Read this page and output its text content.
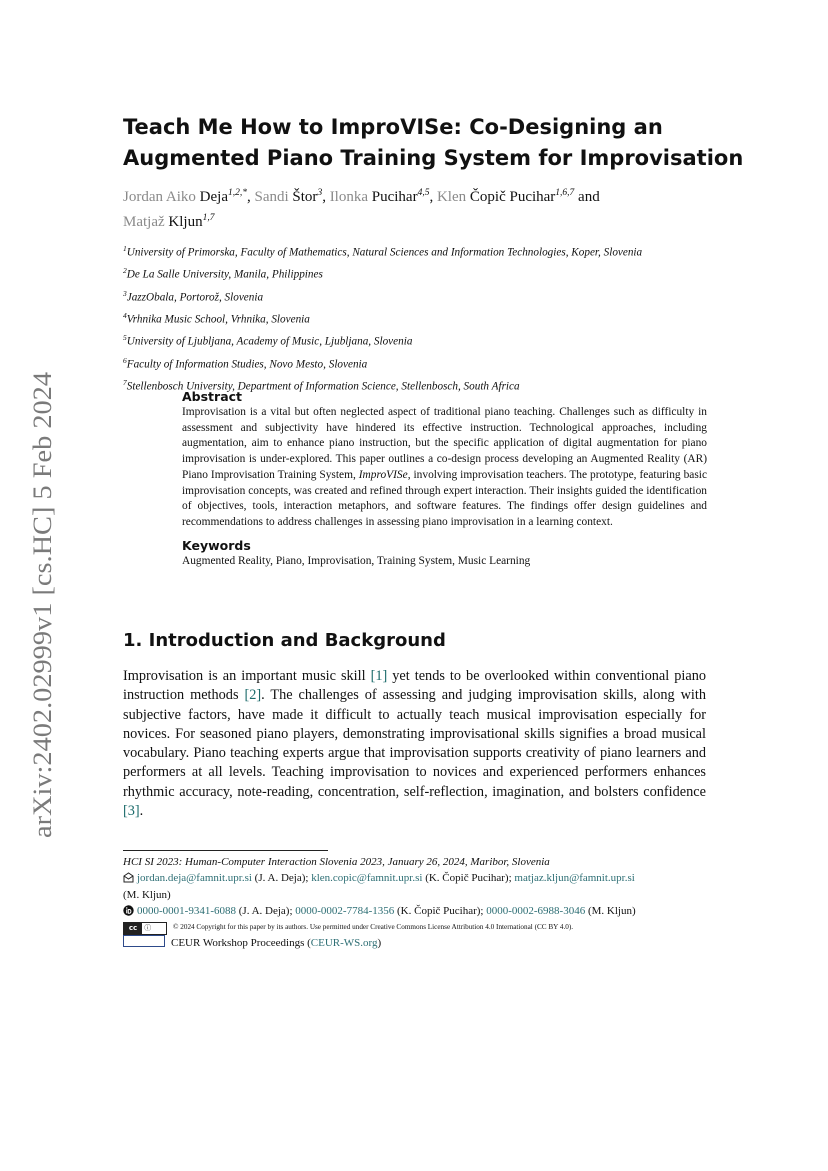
arXiv:2402.02999v1 [cs.HC] 5 Feb 2024
Teach Me How to ImproVISe: Co-Designing an
Augmented Piano Training System for Improvisation
Jordan Aiko Deja$^{1,2,*}$, Sandi Štor$^3$, Ilonka Pucihar$^{4,5}$, Klen Čopič Pucihar$^{1,6,7}$ and
Matjaž Kljun$^{1,7}$
$^1$University of Primorska, Faculty of Mathematics, Natural Sciences and Information Technologies, Koper, Slovenia
$^2$De La Salle University, Manila, Philippines
$^3$JazzObala, Portorož, Slovenia
$^4$Vrhnika Music School, Vrhnika, Slovenia
$^5$University of Ljubljana, Academy of Music, Ljubljana, Slovenia
$^6$Faculty of Information Studies, Novo Mesto, Slovenia
$^7$Stellenbosch University, Department of Information Science, Stellenbosch, South Africa
Abstract

Improvisation is a vital but often neglected aspect of traditional piano teaching. Challenges such as difficulty in assessment and subjectivity have hindered its effective instruction. Technological approaches, including augmentation, aim to enhance piano instruction, but the specific application of digital augmentation for piano improvisation is under-explored. This paper outlines a co-design process developing an Augmented Reality (AR) Piano Improvisation Training System, ImproVISe, involving improvisation teachers. The prototype, featuring basic improvisation concepts, was created and refined through expert interaction. Their insights guided the identification of objectives, tools, interaction metaphors, and software features. The findings offer design guidelines and recommendations to address challenges in assessing piano improvisation in a learning context.

Keywords

Augmented Reality, Piano, Improvisation, Training System, Music Learning

1. Introduction and Background

Improvisation is an important music skill [1] yet tends to be overlooked within conventional piano instruction methods [2]. The challenges of assessing and judging improvisation skills, along with subjective factors, have made it difficult to actually teach musical improvisation especially for novices. For seasoned piano players, demonstrating improvisational skills signifies a broad musical vocabulary. Piano teaching experts argue that improvisation supports creativity of piano learners and performers at all levels. Teaching improvisation to novices and experienced performers enhances rhythmic accuracy, note-reading, concentration, self-reflection, imagination, and bolsters confidence [3].

HCI SI 2023: Human-Computer Interaction Slovenia 2023, January 26, 2024, Maribor, Slovenia
jordan.deja@famnit.upr.si (J. A. Deja); klen.copic@famnit.upr.si (K. Čopič Pucihar); matjaz.kljun@famnit.upr.si
(M. Kljun)
0000-0001-9341-6088 (J. A. Deja); 0000-0002-7784-1356 (K. Čopič Pucihar); 0000-0002-6988-3046 (M. Kljun)
cc ⓘ	© 2024 Copyright for this paper by its authors. Use permitted under Creative Commons License Attribution 4.0 International (CC BY 4.0).
CEUR Workshop Proceedings (CEUR-WS.org)
